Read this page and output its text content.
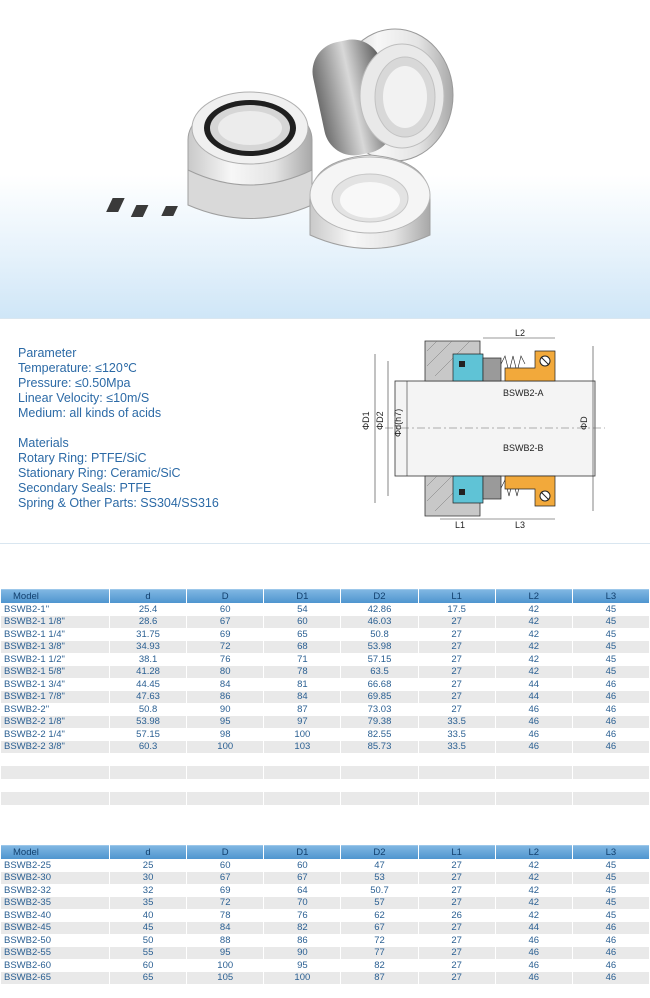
Parameter
Temperature: ≤120℃
Pressure: ≤0.50Mpa
Linear Velocity: ≤10m/S
Medium: all kinds of acids
Materials
Rotary Ring: PTFE/SiC
Stationary Ring: Ceramic/SiC
Secondary Seals: PTFE
Spring & Other Parts: SS304/SS316
BSWB2-A
BSWB2-B
ΦD1 ΦD2 Φd(h7)	ΦD
L2
L1	L3
Model	d	D	D1	D2	L1	L2	L3
BSWB2-1"	25.4	60	54	42.86	17.5	42	45
BSWB2-1 1/8"	28.6	67	60	46.03	27	42	45
BSWB2-1 1/4"	31.75	69	65	50.8	27	42	45
BSWB2-1 3/8"	34.93	72	68	53.98	27	42	45
BSWB2-1 1/2"	38.1	76	71	57.15	27	42	45
BSWB2-1 5/8"	41.28	80	78	63.5	27	42	45
BSWB2-1 3/4"	44.45	84	81	66.68	27	44	46
BSWB2-1 7/8"	47.63	86	84	69.85	27	44	46
BSWB2-2"	50.8	90	87	73.03	27	46	46
BSWB2-2 1/8"	53.98	95	97	79.38	33.5	46	46
BSWB2-2 1/4"	57.15	98	100	82.55	33.5	46	46
BSWB2-2 3/8"	60.3	100	103	85.73	33.5	46	46

Model	d	D	D1	D2	L1	L2	L3
BSWB2-25	25	60	60	47	27	42	45
BSWB2-30	30	67	67	53	27	42	45
BSWB2-32	32	69	64	50.7	27	42	45
BSWB2-35	35	72	70	57	27	42	45
BSWB2-40	40	78	76	62	26	42	45
BSWB2-45	45	84	82	67	27	44	46
BSWB2-50	50	88	86	72	27	46	46
BSWB2-55	55	95	90	77	27	46	46
BSWB2-60	60	100	95	82	27	46	46
BSWB2-65	65	105	100	87	27	46	46
